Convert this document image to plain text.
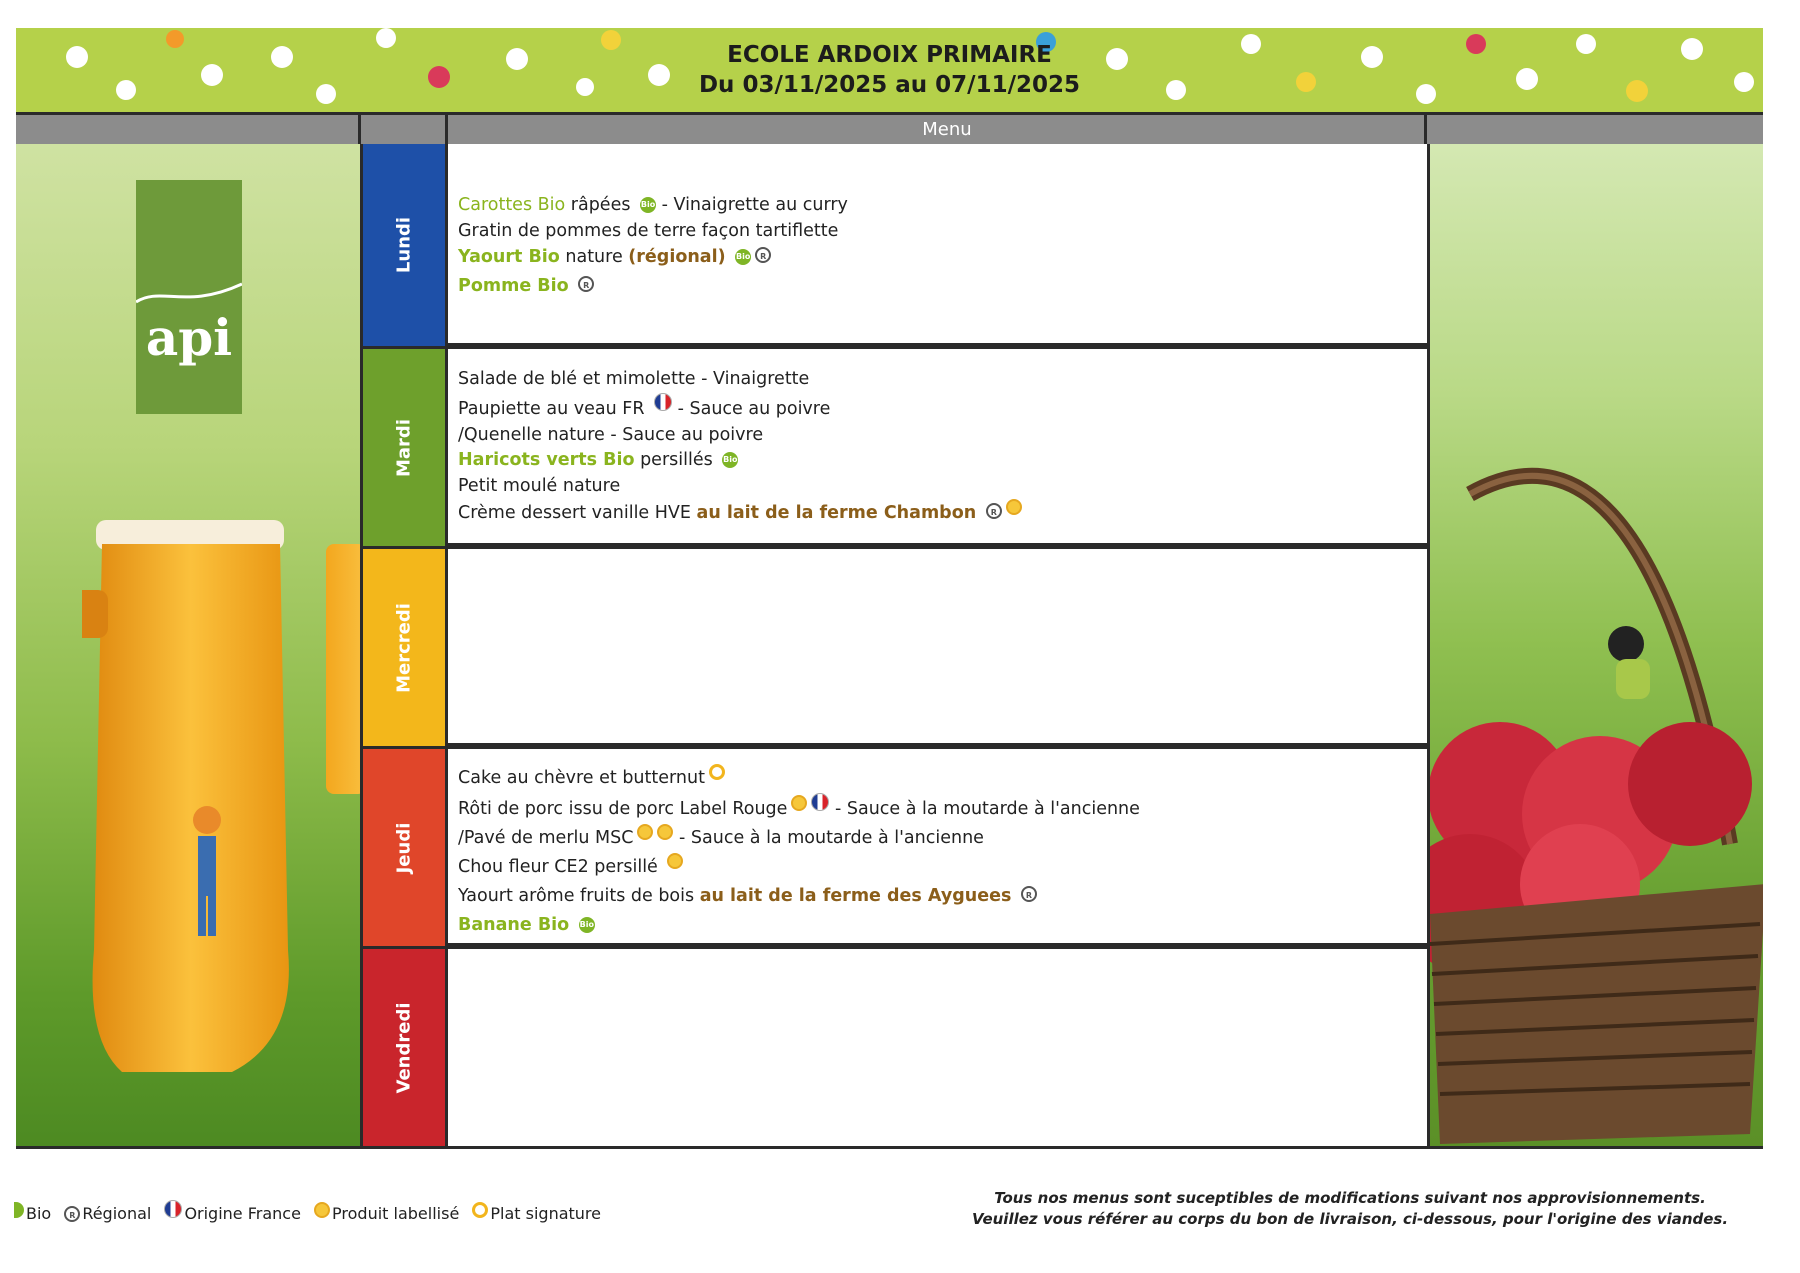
ECOLE ARDOIX PRIMAIRE
Du 03/11/2025 au 07/11/2025
Menu
api
Lundi
Mardi
Mercredi
Jeudi
Vendredi
Carottes Bio râpées Bio - Vinaigrette au curry
Gratin de pommes de terre façon tartiflette
Yaourt Bio nature (régional) Bio R
Pomme Bio R
Salade de blé et mimolette - Vinaigrette
Paupiette au veau FR  - Sauce au poivre
/Quenelle nature - Sauce au poivre
Haricots verts Bio persillés Bio
Petit moulé nature
Crème dessert vanille HVE au lait de la ferme Chambon R
Cake au chèvre et butternut
Rôti de porc issu de porc Label Rouge - Sauce à la moutarde à l'ancienne
/Pavé de merlu MSC - Sauce à la moutarde à l'ancienne
Chou fleur CE2 persillé
Yaourt arôme fruits de bois au lait de la ferme des Ayguees R
Banane Bio Bio
Bio R Régional Origine France Produit labellisé Plat signature
Tous nos menus sont suceptibles de modifications suivant nos approvisionnements.
Veuillez vous référer au corps du bon de livraison, ci-dessous, pour l'origine des viandes.
